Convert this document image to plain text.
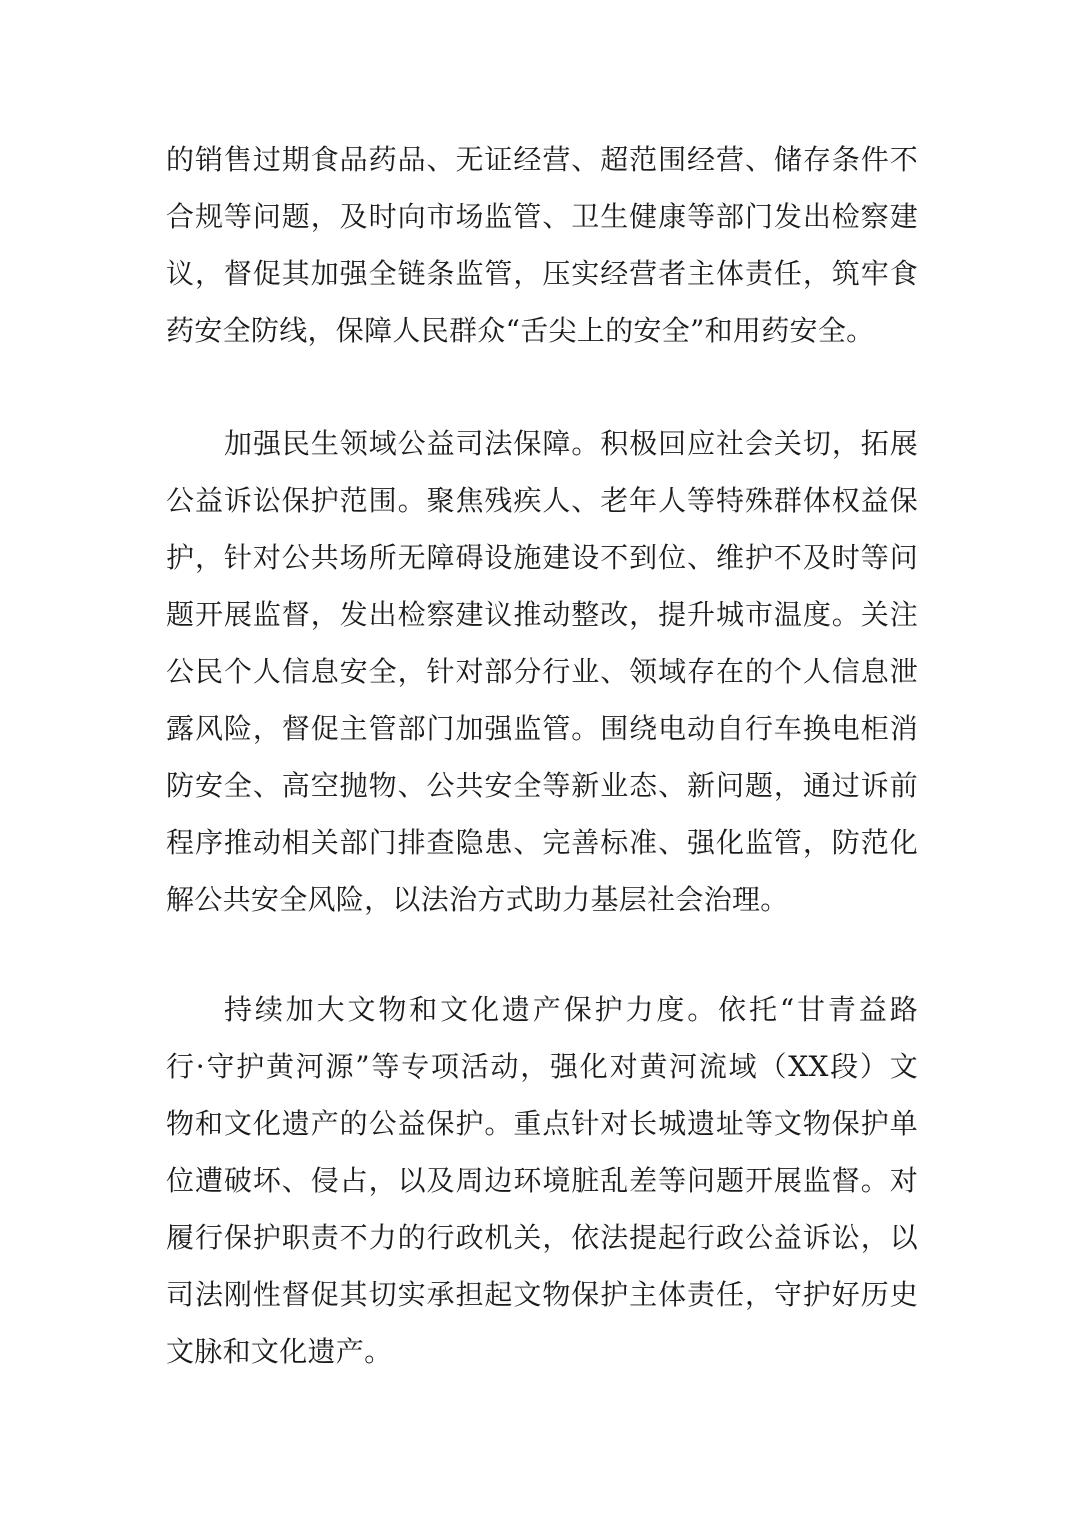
的销售过期食品药品、无证经营、超范围经营、储存条件不
合规等问题，及时向市场监管、卫生健康等部门发出检察建
议，督促其加强全链条监管，压实经营者主体责任，筑牢食
药安全防线，保障人民群众“舌尖上的安全”和用药安全。
加强民生领域公益司法保障。积极回应社会关切，拓展
公益诉讼保护范围。聚焦残疾人、老年人等特殊群体权益保
护，针对公共场所无障碍设施建设不到位、维护不及时等问
题开展监督，发出检察建议推动整改，提升城市温度。关注
公民个人信息安全，针对部分行业、领域存在的个人信息泄
露风险，督促主管部门加强监管。围绕电动自行车换电柜消
防安全、高空抛物、公共安全等新业态、新问题，通过诉前
程序推动相关部门排查隐患、完善标准、强化监管，防范化
解公共安全风险，以法治方式助力基层社会治理。
持续加大文物和文化遗产保护力度。依托“甘青益路
行·守护黄河源”等专项活动，强化对黄河流域（XX段）文
物和文化遗产的公益保护。重点针对长城遗址等文物保护单
位遭破坏、侵占，以及周边环境脏乱差等问题开展监督。对
履行保护职责不力的行政机关，依法提起行政公益诉讼，以
司法刚性督促其切实承担起文物保护主体责任，守护好历史
文脉和文化遗产。
